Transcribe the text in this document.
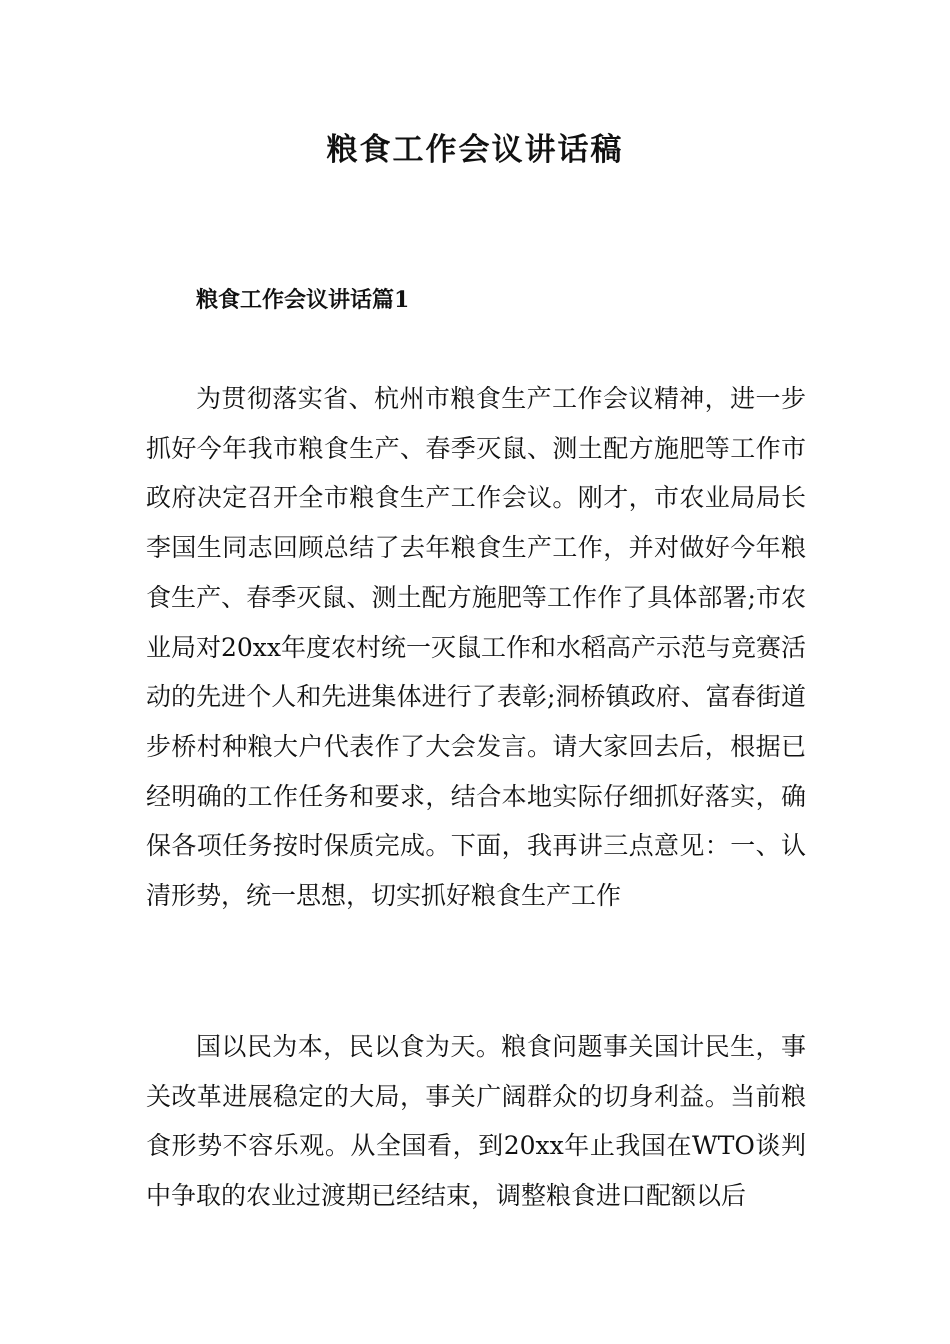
粮食工作会议讲话稿
粮食工作会议讲话篇1

为贯彻落实省、杭州市粮食生产工作会议精神，进一步抓好今年我市粮食生产、春季灭鼠、测土配方施肥等工作市政府决定召开全市粮食生产工作会议。刚才，市农业局局长李国生同志回顾总结了去年粮食生产工作，并对做好今年粮食生产、春季灭鼠、测土配方施肥等工作作了具体部署;市农业局对20xx年度农村统一灭鼠工作和水稻高产示范与竞赛活动的先进个人和先进集体进行了表彰;洞桥镇政府、富春街道步桥村种粮大户代表作了大会发言。请大家回去后，根据已经明确的工作任务和要求，结合本地实际仔细抓好落实，确保各项任务按时保质完成。下面，我再讲三点意见：一、认清形势，统一思想，切实抓好粮食生产工作

国以民为本，民以食为天。粮食问题事关国计民生，事关改革进展稳定的大局，事关广阔群众的切身利益。当前粮食形势不容乐观。从全国看，到20xx年止我国在WTO谈判中争取的农业过渡期已经结束，调整粮食进口配额以后
